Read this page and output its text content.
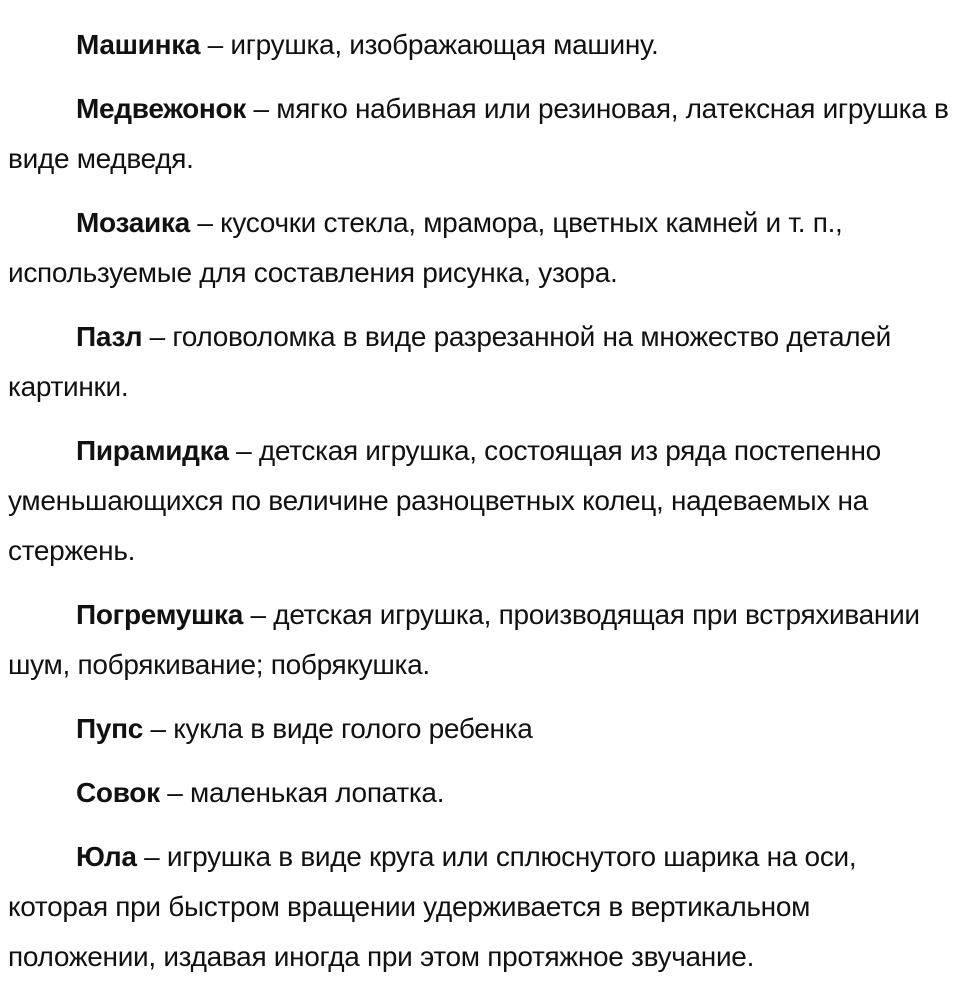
Машинка – игрушка, изображающая машину.

Медвежонок – мягко набивная или резиновая, латексная игрушка в виде медведя.

Мозаика – кусочки стекла, мрамора, цветных камней и т. п., используемые для составления рисунка, узора.

Пазл – головоломка в виде разрезанной на множество деталей картинки.

Пирамидка – детская игрушка, состоящая из ряда постепенно уменьшающихся по величине разноцветных колец, надеваемых на стержень.

Погремушка – детская игрушка, производящая при встряхивании шум, побрякивание; побрякушка.

Пупс – кукла в виде голого ребенка

Совок – маленькая лопатка.

Юла – игрушка в виде круга или сплюснутого шарика на оси, которая при быстром вращении удерживается в вертикальном положении, издавая иногда при этом протяжное звучание.
